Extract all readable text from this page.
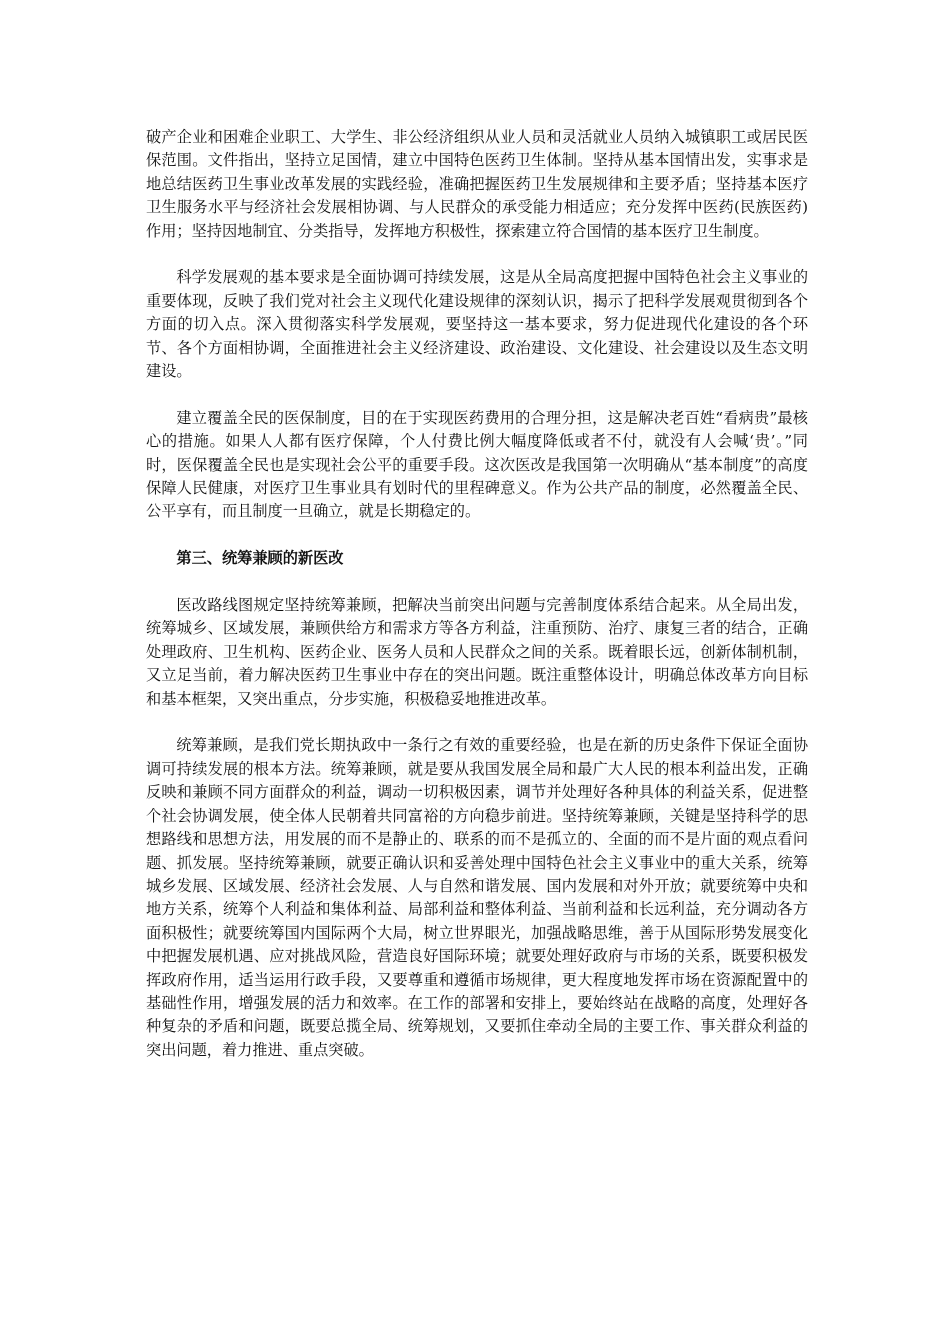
破产企业和困难企业职工、大学生、非公经济组织从业人员和灵活就业人员纳入城镇职工或居民医保范围。文件指出，坚持立足国情，建立中国特色医药卫生体制。坚持从基本国情出发，实事求是地总结医药卫生事业改革发展的实践经验，准确把握医药卫生发展规律和主要矛盾；坚持基本医疗卫生服务水平与经济社会发展相协调、与人民群众的承受能力相适应；充分发挥中医药(民族医药)作用；坚持因地制宜、分类指导，发挥地方积极性，探索建立符合国情的基本医疗卫生制度。

科学发展观的基本要求是全面协调可持续发展，这是从全局高度把握中国特色社会主义事业的重要体现，反映了我们党对社会主义现代化建设规律的深刻认识，揭示了把科学发展观贯彻到各个方面的切入点。深入贯彻落实科学发展观，要坚持这一基本要求，努力促进现代化建设的各个环节、各个方面相协调，全面推进社会主义经济建设、政治建设、文化建设、社会建设以及生态文明建设。

建立覆盖全民的医保制度，目的在于实现医药费用的合理分担，这是解决老百姓“看病贵”最核心的措施。如果人人都有医疗保障，个人付费比例大幅度降低或者不付，就没有人会喊‘贵’。”同时，医保覆盖全民也是实现社会公平的重要手段。这次医改是我国第一次明确从“基本制度”的高度保障人民健康，对医疗卫生事业具有划时代的里程碑意义。作为公共产品的制度，必然覆盖全民、公平享有，而且制度一旦确立，就是长期稳定的。

第三、统筹兼顾的新医改

医改路线图规定坚持统筹兼顾，把解决当前突出问题与完善制度体系结合起来。从全局出发，统筹城乡、区域发展，兼顾供给方和需求方等各方利益，注重预防、治疗、康复三者的结合，正确处理政府、卫生机构、医药企业、医务人员和人民群众之间的关系。既着眼长远，创新体制机制，又立足当前，着力解决医药卫生事业中存在的突出问题。既注重整体设计，明确总体改革方向目标和基本框架，又突出重点，分步实施，积极稳妥地推进改革。

统筹兼顾，是我们党长期执政中一条行之有效的重要经验，也是在新的历史条件下保证全面协调可持续发展的根本方法。统筹兼顾，就是要从我国发展全局和最广大人民的根本利益出发，正确反映和兼顾不同方面群众的利益，调动一切积极因素，调节并处理好各种具体的利益关系，促进整个社会协调发展，使全体人民朝着共同富裕的方向稳步前进。坚持统筹兼顾，关键是坚持科学的思想路线和思想方法，用发展的而不是静止的、联系的而不是孤立的、全面的而不是片面的观点看问题、抓发展。坚持统筹兼顾，就要正确认识和妥善处理中国特色社会主义事业中的重大关系，统筹城乡发展、区域发展、经济社会发展、人与自然和谐发展、国内发展和对外开放；就要统筹中央和地方关系，统筹个人利益和集体利益、局部利益和整体利益、当前利益和长远利益，充分调动各方面积极性；就要统筹国内国际两个大局，树立世界眼光，加强战略思维，善于从国际形势发展变化中把握发展机遇、应对挑战风险，营造良好国际环境；就要处理好政府与市场的关系，既要积极发挥政府作用，适当运用行政手段，又要尊重和遵循市场规律，更大程度地发挥市场在资源配置中的基础性作用，增强发展的活力和效率。在工作的部署和安排上，要始终站在战略的高度，处理好各种复杂的矛盾和问题，既要总揽全局、统筹规划，又要抓住牵动全局的主要工作、事关群众利益的突出问题，着力推进、重点突破。
